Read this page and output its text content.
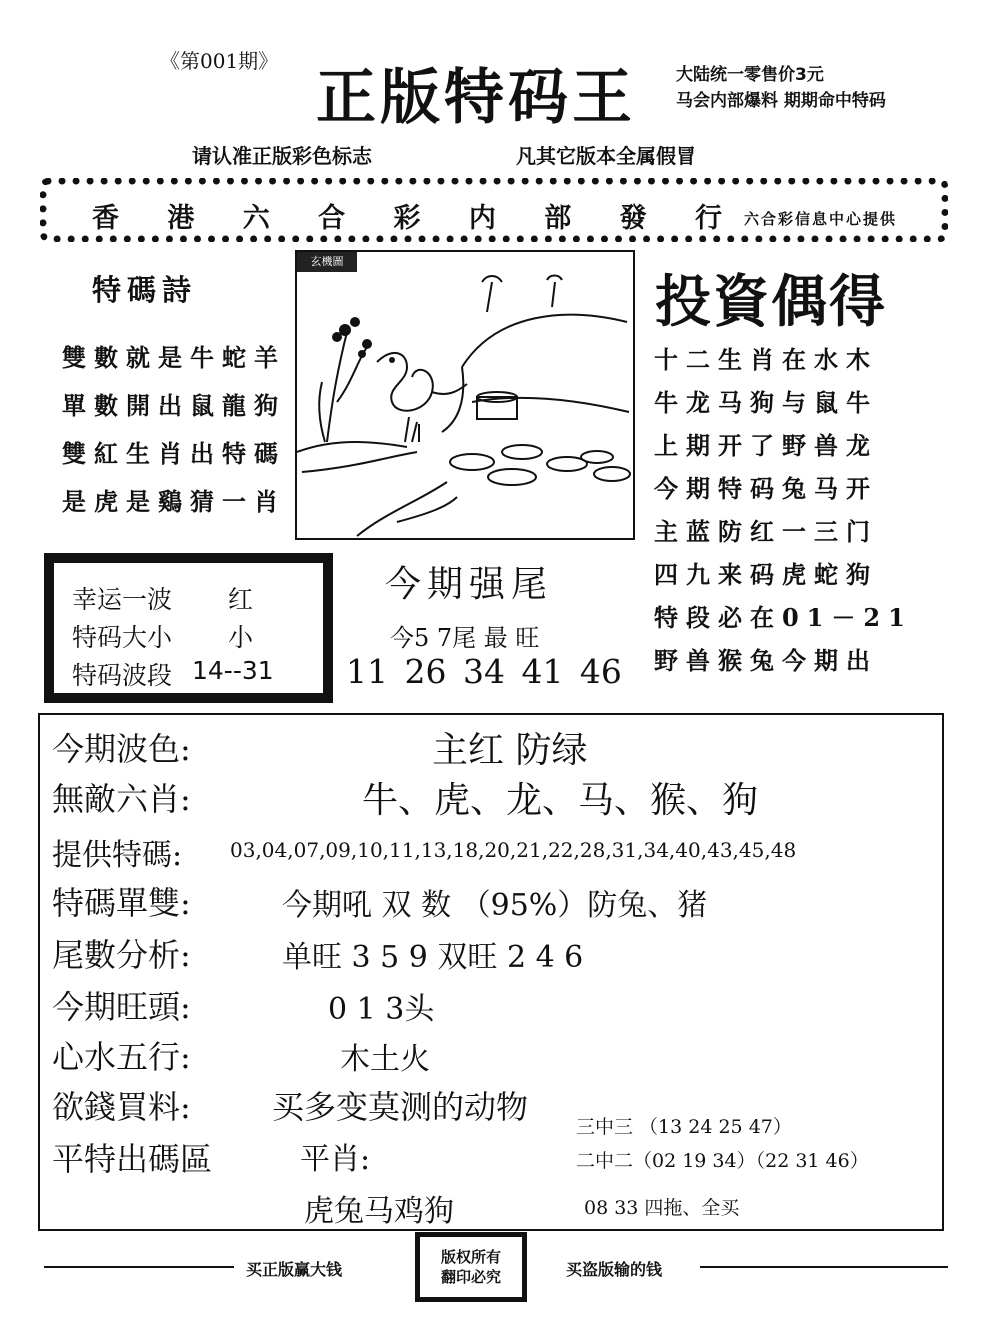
《第001期》
正版特码王 大陆统一零售价3元
马会内部爆料 期期命中特码
请认准正版彩色标志	凡其它版本全属假冒
香 港 六 合 彩 内 部 發 行 六合彩信息中心提供
特碼詩
雙數就是牛蛇羊
單數開出鼠龍狗
雙紅生肖出特碼
是虎是鷄猜一肖
玄機圖
投資偶得
十二生肖在水木
牛龙马狗与鼠牛
上期开了野兽龙
今期特码兔马开
主蓝防红一三门
四九来码虎蛇狗
特段必在01－21
野兽猴兔今期出
幸运一波 红
特码大小 小
特码波段 14--31
今期强尾
今5 7尾 最 旺
11 26 34 41 46
今期波色:	主红 防绿
無敵六肖:	牛、虎、龙、马、猴、狗
提供特碼: 03,04,07,09,10,11,13,18,20,21,22,28,31,34,40,43,45,48
特碼單雙:	今期吼 双 数 （95%）防兔、猪
尾數分析:	单旺 3 5 9 双旺 2 4 6
今期旺頭:	0 1 3头
心水五行:	木土火
欲錢買料:	买多变莫测的动物
平特出碼區	平肖:
虎兔马鸡狗
三中三 （13 24 25 47）
二中二（02 19 34）（22 31 46）
08 33 四拖、全买
买正版赢大钱
版权所有
翻印必究	买盗版输的钱
